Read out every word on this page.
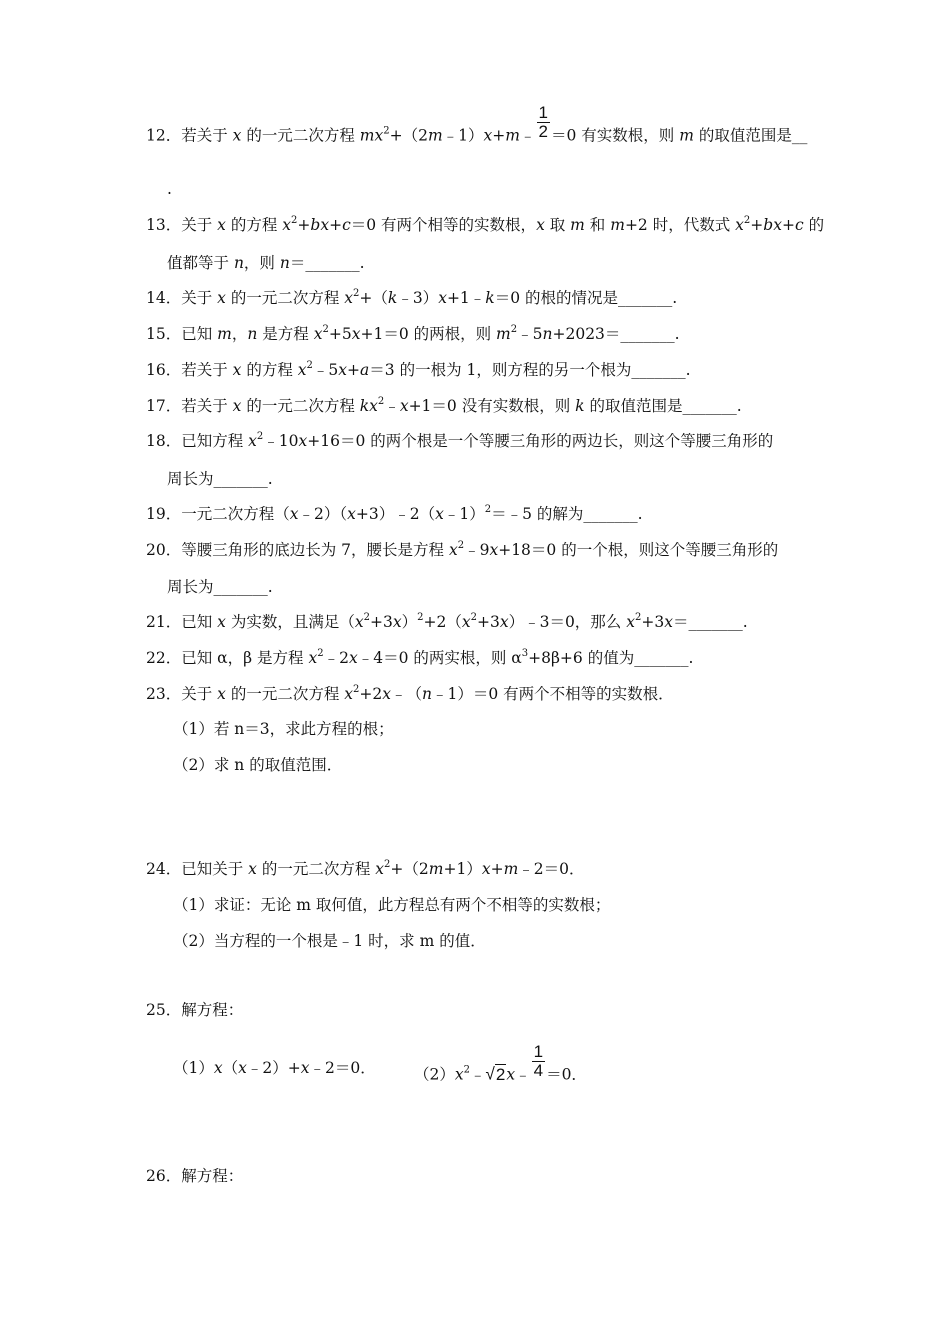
12．若关于 x 的一元二次方程 $mx^2+(2m﹣1)x+m﹣ \frac{1}{2} =0$ 有实数根，则 m 的取值范围是__
.
13．关于 x 的方程 $x^2+bx+c=0$ 有两个相等的实数根，x 取 m 和 m+2 时，代数式 $x^2+bx+c$ 的
值都等于 n，则 n＝_______.
14．关于 x 的一元二次方程 $x^2+(k﹣3)x+1﹣k=0$ 的根的情况是_______.
15．已知 m，n 是方程 $x^2+5x+1=0$ 的两根，则 $m^2﹣5n+2023=\_\_\_\_\_\_\_$.
16．若关于 x 的方程 $x^2﹣5x+a=3$ 的一根为 1，则方程的另一个根为_______.
17．若关于 x 的一元二次方程 $kx^2﹣x+1=0$ 没有实数根，则 k 的取值范围是_______.
18．已知方程 $x^2﹣10x+16=0$ 的两个根是一个等腰三角形的两边长，则这个等腰三角形的
周长为_______.
19．一元二次方程（x﹣2）（x+3）﹣2（x﹣1）$^2$＝﹣5 的解为_______.
20．等腰三角形的底边长为 7，腰长是方程 $x^2﹣9x+18=0$ 的一个根，则这个等腰三角形的
周长为_______.
21．已知 x 为实数，且满足$(x^2+3x)^2+2(x^2+3x)﹣3=0$，那么 $x^2+3x=\_\_\_\_\_\_\_$.
22．已知 α，β 是方程 $x^2﹣2x﹣4=0$ 的两实根，则 $\alpha^3+8\beta+6$ 的值为_______.
23．关于 x 的一元二次方程 $x^2+2x﹣(n﹣1)=0$ 有两个不相等的实数根．
（1）若 n＝3，求此方程的根；
（2）求 n 的取值范围．
24．已知关于 x 的一元二次方程 $x^2+(2m+1)x+m﹣2=0$．
（1）求证：无论 m 取何值，此方程总有两个不相等的实数根；
（2）当方程的一个根是﹣1 时，求 m 的值．
25．解方程：
（1）x（x﹣2）+x﹣2＝0． $(2)x^2﹣√2x﹣ \frac{1}{4} =0$．
26．解方程：
